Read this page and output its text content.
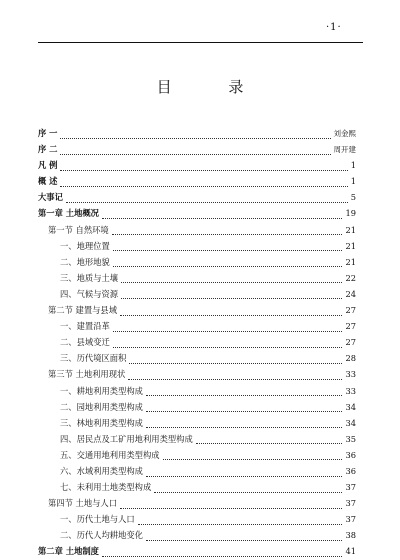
·1·
目 录
序 一	刘金熙
序 二	周开建
凡 例	1
概 述	1
大事记	5
第一章 土地概况	19
第一节 自然环境	21
一、地理位置	21
二、地形地貌	21
三、地质与土壤	22
四、气候与资源	24
第二节 建置与县域	27
一、建置沿革	27
二、县域变迁	27
三、历代境区面积	28
第三节 土地利用现状	33
一、耕地利用类型构成	33
二、园地利用类型构成	34
三、林地利用类型构成	34
四、居民点及工矿用地利用类型构成	35
五、交通用地利用类型构成	36
六、水域利用类型构成	36
七、未利用土地类型构成	37
第四节 土地与人口	37
一、历代土地与人口	37
二、历代人均耕地变化	38
第二章 土地制度	41
